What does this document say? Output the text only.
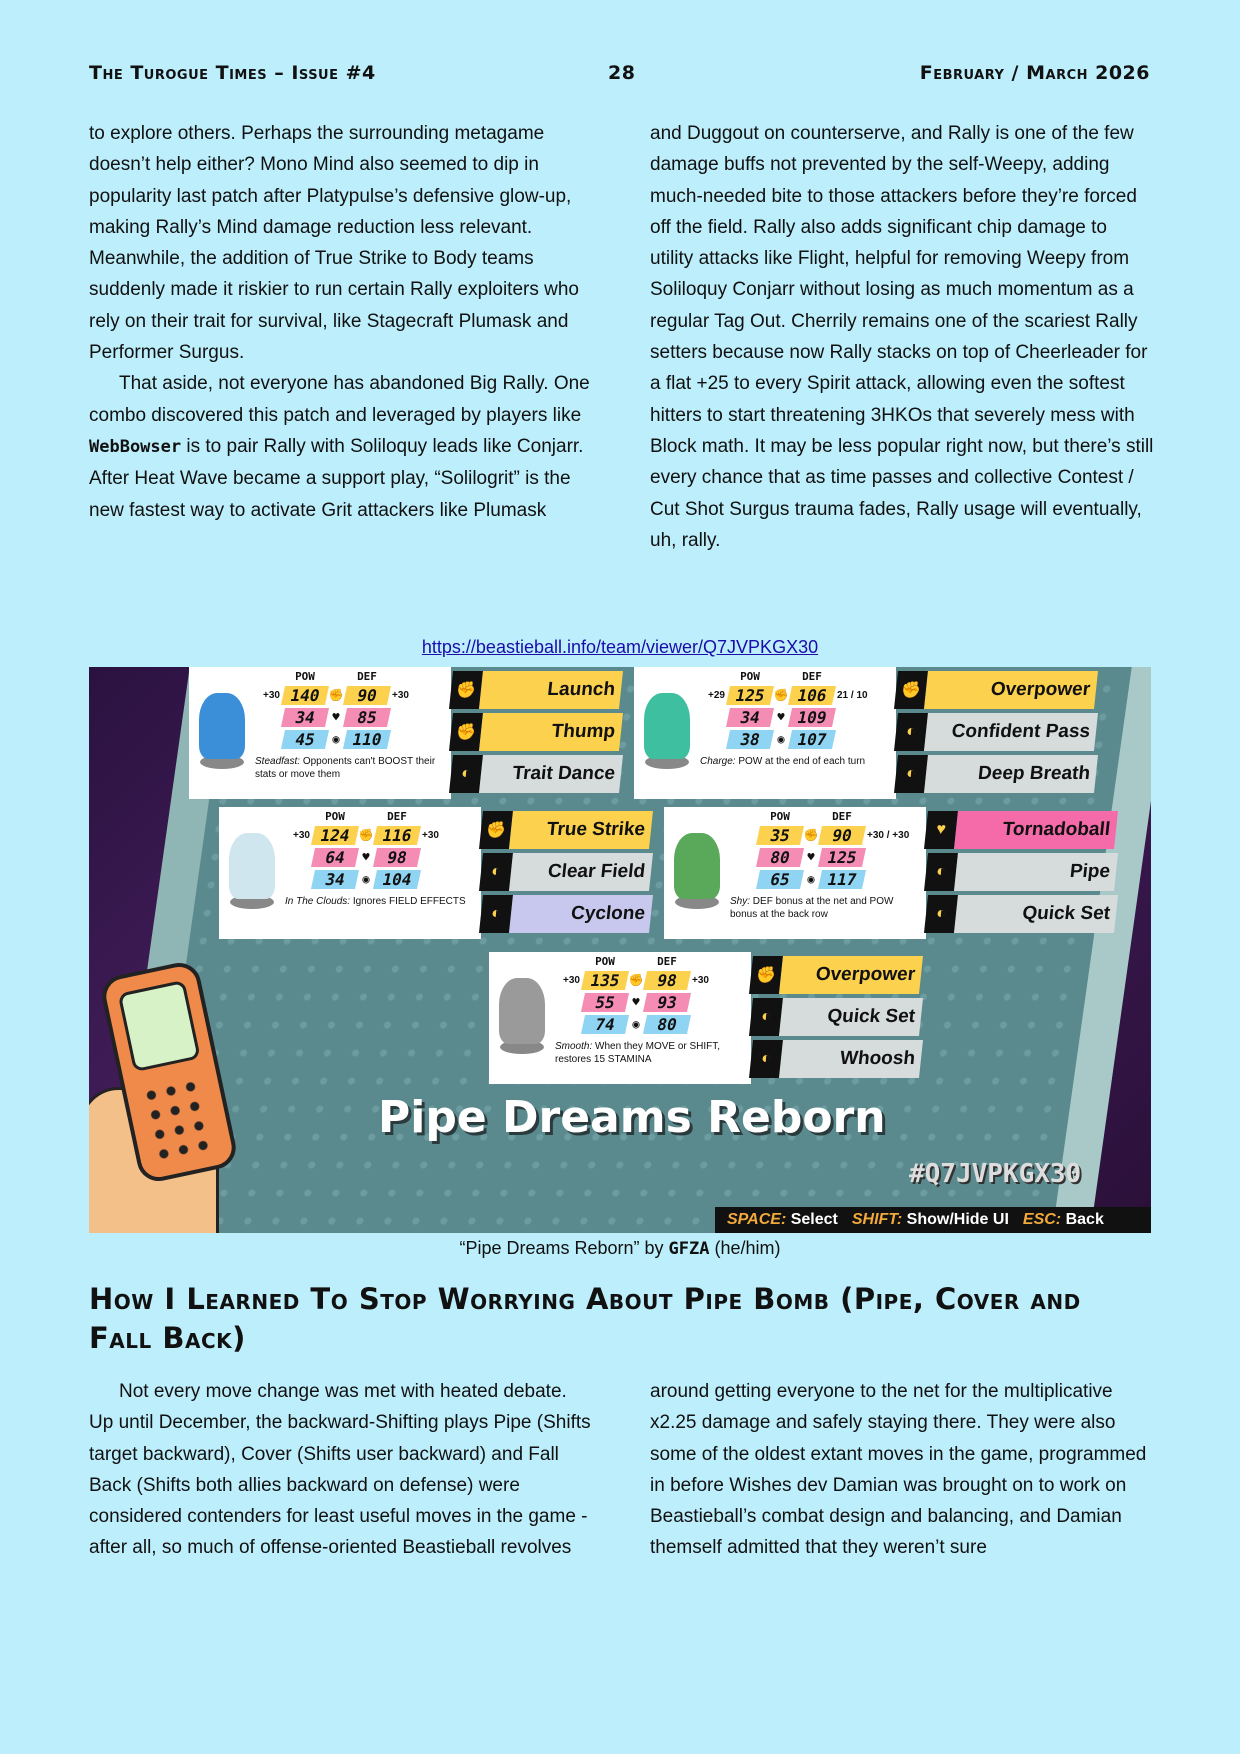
The Turogue Times – Issue #4	28	February / March 2026

to explore others. Perhaps the surrounding metagame doesn’t help either? Mono Mind also seemed to dip in popularity last patch after Platypulse’s defensive glow-up, making Rally’s Mind damage reduction less relevant. Meanwhile, the addition of True Strike to Body teams suddenly made it riskier to run certain Rally exploiters who rely on their trait for survival, like Stagecraft Plumask and Performer Surgus.

That aside, not everyone has abandoned Big Rally. One combo discovered this patch and leveraged by players like WebBowser is to pair Rally with Soliloquy leads like Conjarr. After Heat Wave became a support play, “Solilogrit” is the new fastest way to activate Grit attackers like Plumask

and Duggout on counterserve, and Rally is one of the few damage buffs not prevented by the self-Weepy, adding much-needed bite to those attackers before they’re forced off the field. Rally also adds significant chip damage to utility attacks like Flight, helpful for removing Weepy from Soliloquy Conjarr without losing as much momentum as a regular Tag Out. Cherrily remains one of the scariest Rally setters because now Rally stacks on top of Cheerleader for a flat +25 to every Spirit attack, allowing even the softest hitters to start threatening 3HKOs that severely mess with Block math. It may be less popular right now, but there’s still every chance that as time passes and collective Contest / Cut Shot Surgus trauma fades, Rally usage will eventually, uh, rally.

https://beastieball.info/team/viewer/Q7JVPKGX30
POW	DEF
+30 140 ✊ 90	+30
34	♥ 85
45	◉ 110
Steadfast: Opponents can't BOOST their stats or move them
✊	Launch
✊	Thump
◐	Trait Dance
POW	DEF
+29 125 ✊ 106 21 / 10
34	♥ 109
38	◉ 107
Charge: POW at the end of each turn
✊	Overpower
◐	Confident Pass
◐	Deep Breath
POW	DEF
+30 124 ✊ 116 +30
64	♥ 98
34	◉ 104
In The Clouds: Ignores FIELD EFFECTS
✊	True Strike
◐	Clear Field
◐	Cyclone
POW	DEF
35 ✊ 90	+30 / +30
80	♥ 125
65	◉ 117
Shy: DEF bonus at the net and POW bonus at the back row
♥	Tornadoball
◐	Pipe
◐	Quick Set
POW	DEF
+30 135 ✊ 98	+30
55	♥ 93
74	◉ 80
Smooth: When they MOVE or SHIFT, restores 15 STAMINA
✊	Overpower
◐	Quick Set
◐	Whoosh
Pipe Dreams Reborn
#Q7JVPKGX30
SPACE: Select SHIFT: Show/Hide UI ESC: Back
“Pipe Dreams Reborn” by GFZA (he/him)
How I Learned To Stop Worrying About Pipe Bomb (Pipe, Cover and Fall Back)

Not every move change was met with heated debate. Up until December, the backward-Shifting plays Pipe (Shifts target backward), Cover (Shifts user backward) and Fall Back (Shifts both allies backward on defense) were considered contenders for least useful moves in the game - after all, so much of offense-oriented Beastieball revolves

around getting everyone to the net for the multiplicative x2.25 damage and safely staying there. They were also some of the oldest extant moves in the game, programmed in before Wishes dev Damian was brought on to work on Beastieball’s combat design and balancing, and Damian themself admitted that they weren’t sure
